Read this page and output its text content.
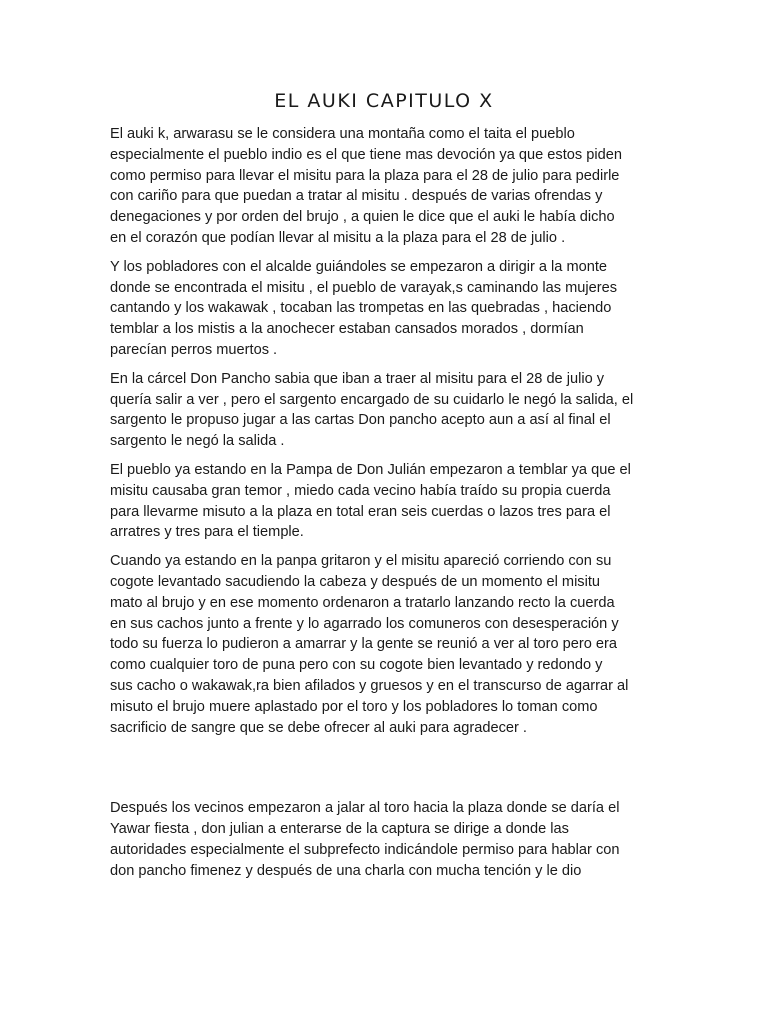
EL AUKI CAPITULO X

El auki k, arwarasu se le considera una montaña como el taita el pueblo
especialmente el pueblo indio es el que tiene mas devoción ya que estos piden
como permiso para llevar el misitu para la plaza para el 28 de julio para pedirle
con cariño para que puedan a tratar al misitu . después de varias ofrendas y
denegaciones y por orden del brujo , a quien le dice que el auki le había dicho
en el corazón que podían llevar al misitu a la plaza para el 28 de julio .

Y los pobladores con el alcalde guiándoles se empezaron a dirigir a la monte
donde se encontrada el misitu , el pueblo de varayak,s caminando las mujeres
cantando y los wakawak , tocaban las trompetas en las quebradas , haciendo
temblar a los mistis a la anochecer estaban cansados morados , dormían
parecían perros muertos .

En la cárcel Don Pancho sabia que iban a traer al misitu para el 28 de julio y
quería salir a ver , pero el sargento encargado de su cuidarlo le negó la salida, el
sargento le propuso jugar a las cartas Don pancho acepto aun a así al final el
sargento le negó la salida .

El pueblo ya estando en la Pampa de Don Julián empezaron a temblar ya que el
misitu causaba gran temor , miedo cada vecino había traído su propia cuerda
para llevarme misuto a la plaza en total eran seis cuerdas o lazos tres para el
arratres y tres para el tiemple.

Cuando ya estando en la panpa gritaron y el misitu apareció corriendo con su
cogote levantado sacudiendo la cabeza y después de un momento el misitu
mato al brujo y en ese momento ordenaron a tratarlo lanzando recto la cuerda
en sus cachos junto a frente y lo agarrado los comuneros con desesperación y
todo su fuerza lo pudieron a amarrar y la gente se reunió a ver al toro pero era
como cualquier toro de puna pero con su cogote bien levantado y redondo y
sus cacho o wakawak,ra bien afilados y gruesos y en el transcurso de agarrar al
misuto el brujo muere aplastado por el toro y los pobladores lo toman como
sacrificio de sangre que se debe ofrecer al auki para agradecer .

Después los vecinos empezaron a jalar al toro hacia la plaza donde se daría el
Yawar fiesta , don julian a enterarse de la captura se dirige a donde las
autoridades especialmente el subprefecto indicándole permiso para hablar con
don pancho fimenez y después de una charla con mucha tención y le dio
